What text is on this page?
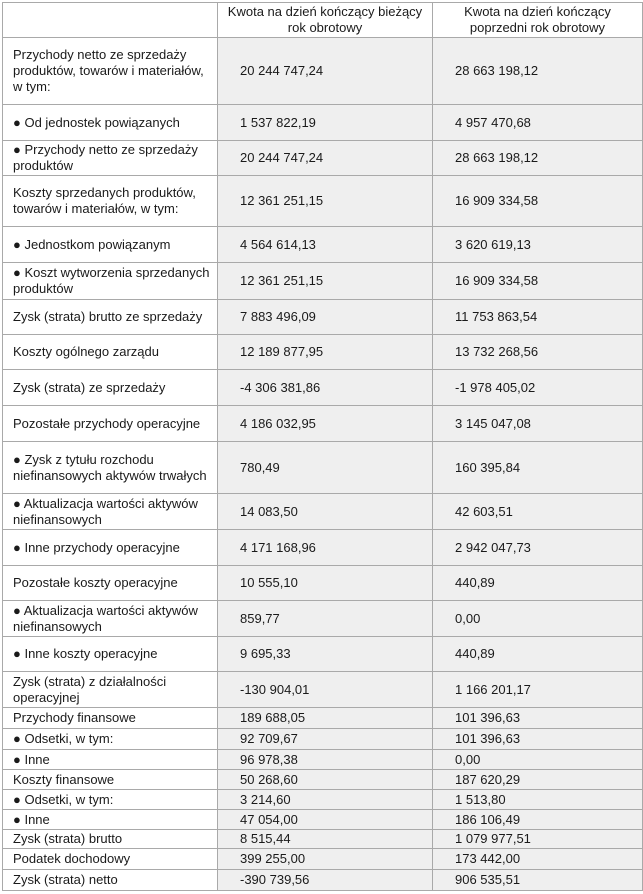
	Kwota na dzień kończący bieżący rok obrotowy	Kwota na dzień kończący poprzedni rok obrotowy
Przychody netto ze sprzedaży produktów, towarów i materiałów, w tym:	20 244 747,24	28 663 198,12
● Od jednostek powiązanych	1 537 822,19	4 957 470,68
● Przychody netto ze sprzedaży produktów	20 244 747,24	28 663 198,12
Koszty sprzedanych produktów, towarów i materiałów, w tym:	12 361 251,15	16 909 334,58
● Jednostkom powiązanym	4 564 614,13	3 620 619,13
● Koszt wytworzenia sprzedanych produktów	12 361 251,15	16 909 334,58
Zysk (strata) brutto ze sprzedaży	7 883 496,09	11 753 863,54
Koszty ogólnego zarządu	12 189 877,95	13 732 268,56
Zysk (strata) ze sprzedaży	-4 306 381,86	-1 978 405,02
Pozostałe przychody operacyjne	4 186 032,95	3 145 047,08
● Zysk z tytułu rozchodu niefinansowych aktywów trwałych	780,49	160 395,84
● Aktualizacja wartości aktywów niefinansowych	14 083,50	42 603,51
● Inne przychody operacyjne	4 171 168,96	2 942 047,73
Pozostałe koszty operacyjne	10 555,10	440,89
● Aktualizacja wartości aktywów niefinansowych	859,77	0,00
● Inne koszty operacyjne	9 695,33	440,89
Zysk (strata) z działalności operacyjnej	-130 904,01	1 166 201,17
Przychody finansowe	189 688,05	101 396,63
● Odsetki, w tym:	92 709,67	101 396,63
● Inne	96 978,38	0,00
Koszty finansowe	50 268,60	187 620,29
● Odsetki, w tym:	3 214,60	1 513,80
● Inne	47 054,00	186 106,49
Zysk (strata) brutto	8 515,44	1 079 977,51
Podatek dochodowy	399 255,00	173 442,00
Zysk (strata) netto	-390 739,56	906 535,51
